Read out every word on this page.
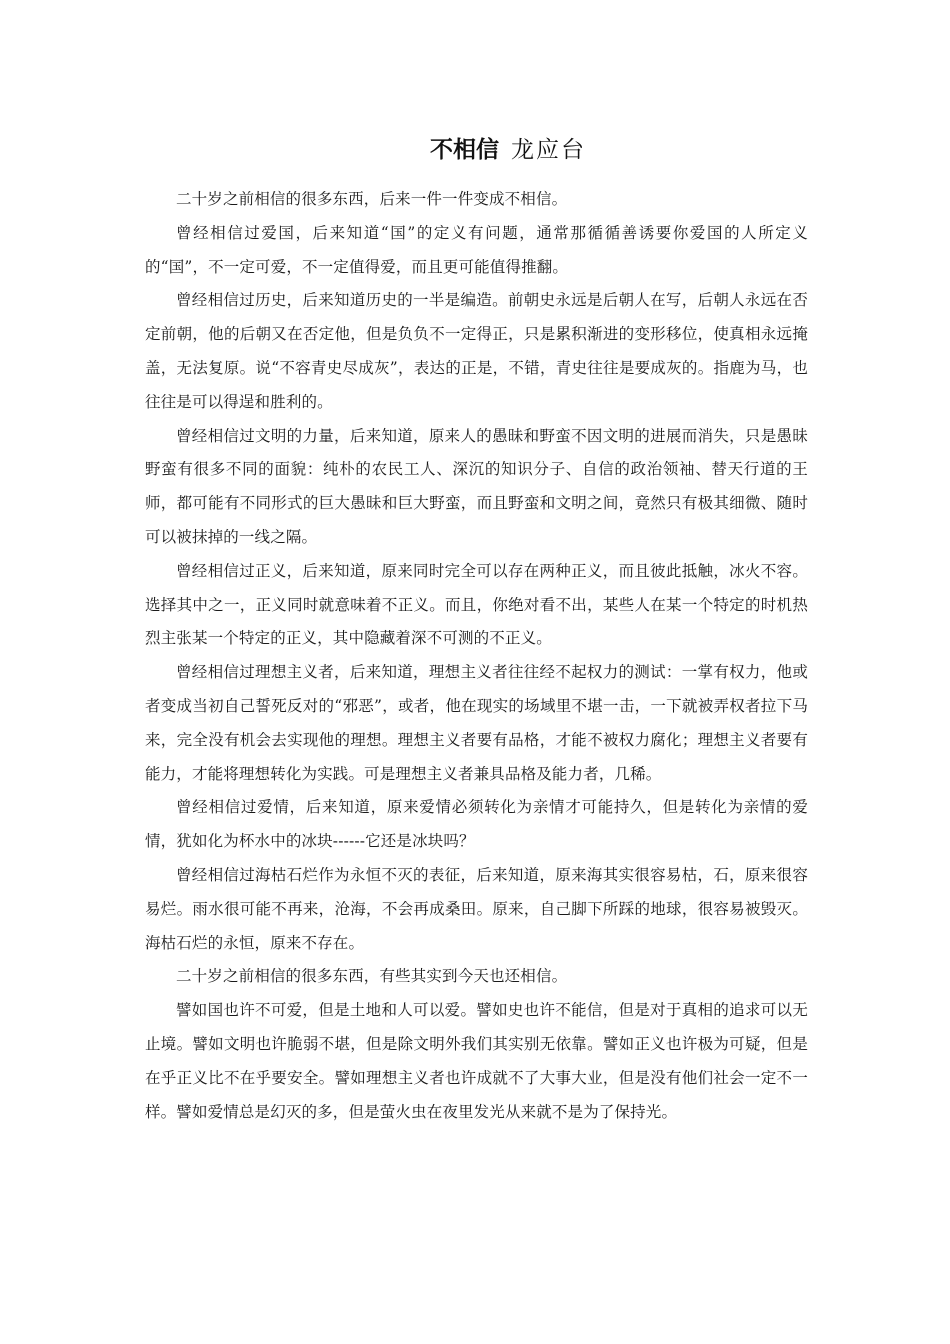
不相信 龙应台

二十岁之前相信的很多东西，后来一件一件变成不相信。

曾经相信过爱国，后来知道“国”的定义有问题，通常那循循善诱要你爱国的人所定义的“国”，不一定可爱，不一定值得爱，而且更可能值得推翻。

曾经相信过历史，后来知道历史的一半是编造。前朝史永远是后朝人在写，后朝人永远在否定前朝，他的后朝又在否定他，但是负负不一定得正，只是累积渐进的变形移位，使真相永远掩盖，无法复原。说“不容青史尽成灰”，表达的正是，不错，青史往往是要成灰的。指鹿为马，也往往是可以得逞和胜利的。

曾经相信过文明的力量，后来知道，原来人的愚昧和野蛮不因文明的进展而消失，只是愚昧野蛮有很多不同的面貌：纯朴的农民工人、深沉的知识分子、自信的政治领袖、替天行道的王师，都可能有不同形式的巨大愚昧和巨大野蛮，而且野蛮和文明之间，竟然只有极其细微、随时可以被抹掉的一线之隔。

曾经相信过正义，后来知道，原来同时完全可以存在两种正义，而且彼此抵触，冰火不容。选择其中之一，正义同时就意味着不正义。而且，你绝对看不出，某些人在某一个特定的时机热烈主张某一个特定的正义，其中隐藏着深不可测的不正义。

曾经相信过理想主义者，后来知道，理想主义者往往经不起权力的测试：一掌有权力，他或者变成当初自己誓死反对的“邪恶”，或者，他在现实的场域里不堪一击，一下就被弄权者拉下马来，完全没有机会去实现他的理想。理想主义者要有品格，才能不被权力腐化；理想主义者要有能力，才能将理想转化为实践。可是理想主义者兼具品格及能力者，几稀。

曾经相信过爱情，后来知道，原来爱情必须转化为亲情才可能持久，但是转化为亲情的爱情，犹如化为杯水中的冰块------它还是冰块吗？

曾经相信过海枯石烂作为永恒不灭的表征，后来知道，原来海其实很容易枯，石，原来很容易烂。雨水很可能不再来，沧海，不会再成桑田。原来，自己脚下所踩的地球，很容易被毁灭。海枯石烂的永恒，原来不存在。

二十岁之前相信的很多东西，有些其实到今天也还相信。

譬如国也许不可爱，但是土地和人可以爱。譬如史也许不能信，但是对于真相的追求可以无止境。譬如文明也许脆弱不堪，但是除文明外我们其实别无依靠。譬如正义也许极为可疑，但是在乎正义比不在乎要安全。譬如理想主义者也许成就不了大事大业，但是没有他们社会一定不一样。譬如爱情总是幻灭的多，但是萤火虫在夜里发光从来就不是为了保持光。
